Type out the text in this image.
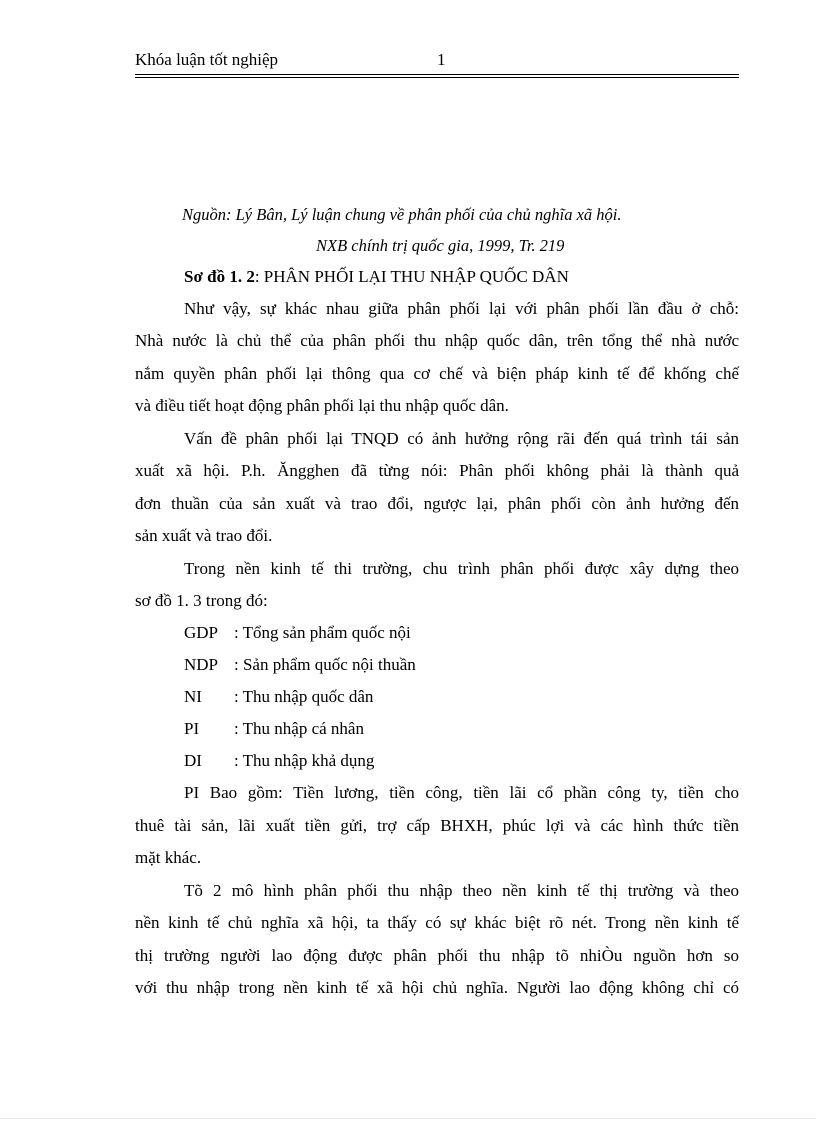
Khóa luận tốt nghiệp	1
Nguồn: Lý Bân, Lý luận chung về phân phối của chủ nghĩa xã hội.
NXB chính trị quốc gia, 1999, Tr. 219
Sơ đồ 1. 2: PHÂN PHỐI LẠI THU NHẬP QUỐC DÂN
Như vậy, sự khác nhau giữa phân phối lại với phân phối lần đầu ở chỗ:
Nhà nước là chủ thể của phân phối thu nhập quốc dân, trên tổng thể nhà nước
nắm quyền phân phối lại thông qua cơ chế và biện pháp kinh tế để khống chế
và điều tiết hoạt động phân phối lại thu nhập quốc dân.
Vấn đề phân phối lại TNQD có ảnh hưởng rộng rãi đến quá trình tái sản
xuất xã hội. P.h. Ăngghen đã từng nói: Phân phối không phải là thành quả
đơn thuần của sản xuất và trao đổi, ngược lại, phân phối còn ảnh hưởng đến
sản xuất và trao đổi.
Trong nền kinh tế thi trường, chu trình phân phối được xây dựng theo
sơ đồ 1. 3 trong đó:
GDP : Tổng sản phẩm quốc nội
NDP : Sản phẩm quốc nội thuần
NI : Thu nhập quốc dân
PI : Thu nhập cá nhân
DI : Thu nhập khả dụng
PI Bao gồm: Tiền lương, tiền công, tiền lãi cổ phần công ty, tiền cho
thuê tài sản, lãi xuất tiền gửi, trợ cấp BHXH, phúc lợi và các hình thức tiền
mặt khác.
Tõ 2 mô hình phân phối thu nhập theo nền kinh tế thị trường và theo
nền kinh tế chủ nghĩa xã hội, ta thấy có sự khác biệt rõ nét. Trong nền kinh tế
thị trường người lao động được phân phối thu nhập tõ nhiÒu nguồn hơn so
với thu nhập trong nền kinh tế xã hội chủ nghĩa. Người lao động không chỉ có
